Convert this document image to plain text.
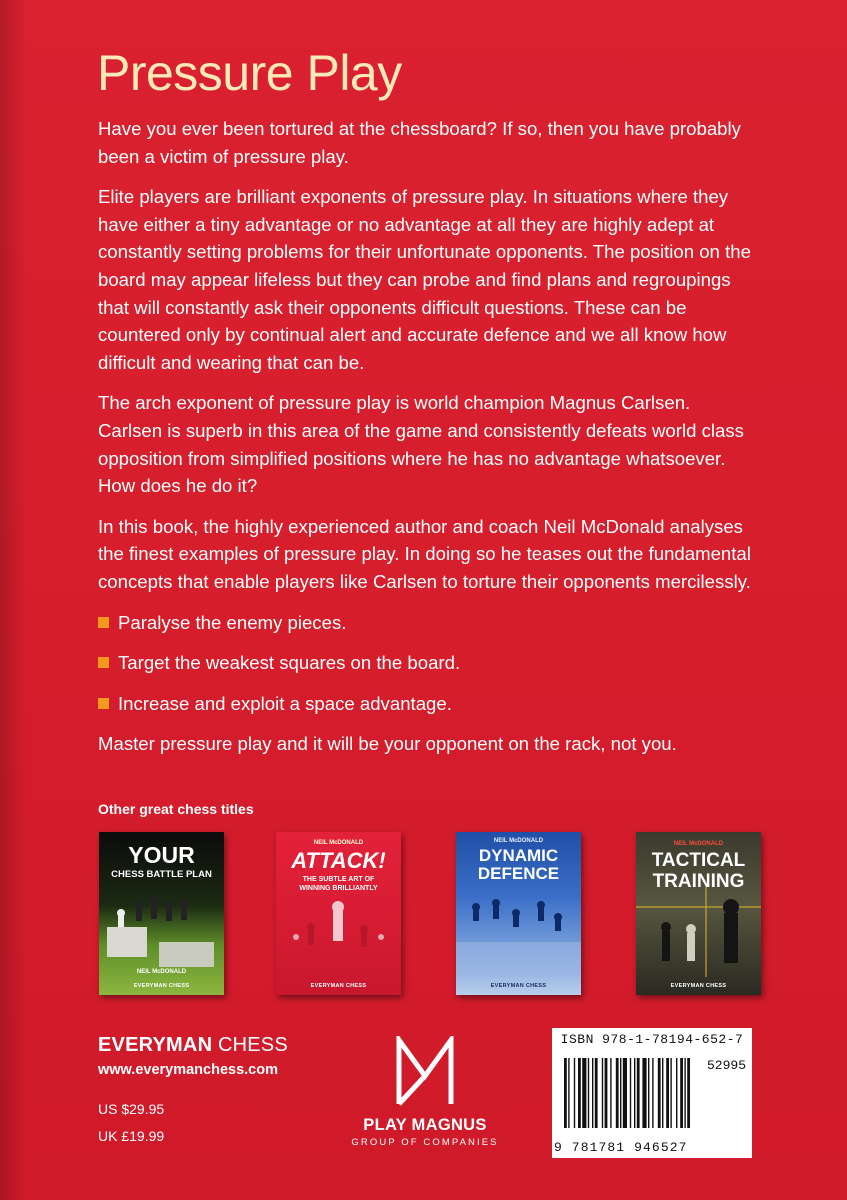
Pressure Play

Have you ever been tortured at the chessboard? If so, then you have probably been a victim of pressure play.

Elite players are brilliant exponents of pressure play. In situations where they have either a tiny advantage or no advantage at all they are highly adept at constantly setting problems for their unfortunate opponents. The position on the board may appear lifeless but they can probe and find plans and regroupings that will constantly ask their opponents difficult questions. These can be countered only by continual alert and accurate defence and we all know how difficult and wearing that can be.

The arch exponent of pressure play is world champion Magnus Carlsen. Carlsen is superb in this area of the game and consistently defeats world class opposition from simplified positions where he has no advantage whatsoever. How does he do it?

In this book, the highly experienced author and coach Neil McDonald analyses the finest examples of pressure play. In doing so he teases out the fundamental concepts that enable players like Carlsen to torture their opponents mercilessly.

Paralyse the enemy pieces.
Target the weakest squares on the board.
Increase and exploit a space advantage.

Master pressure play and it will be your opponent on the rack, not you.

Other great chess titles
YOUR
CHESS BATTLE PLAN
NEIL McDONALD
EVERYMAN CHESS
NEIL McDONALD
ATTACK!
THE SUBTLE ART OF
WINNING BRILLIANTLY
EVERYMAN CHESS
NEIL McDONALD
DYNAMIC
DEFENCE
EVERYMAN CHESS
NEIL McDONALD
TACTICAL
TRAINING
EVERYMAN CHESS
EVERYMAN CHESS
www.everymanchess.com
US $29.95
UK £19.99
PLAY MAGNUS
GROUP OF COMPANIES
ISBN 978-1-78194-652-7
52995
9 781781 946527
